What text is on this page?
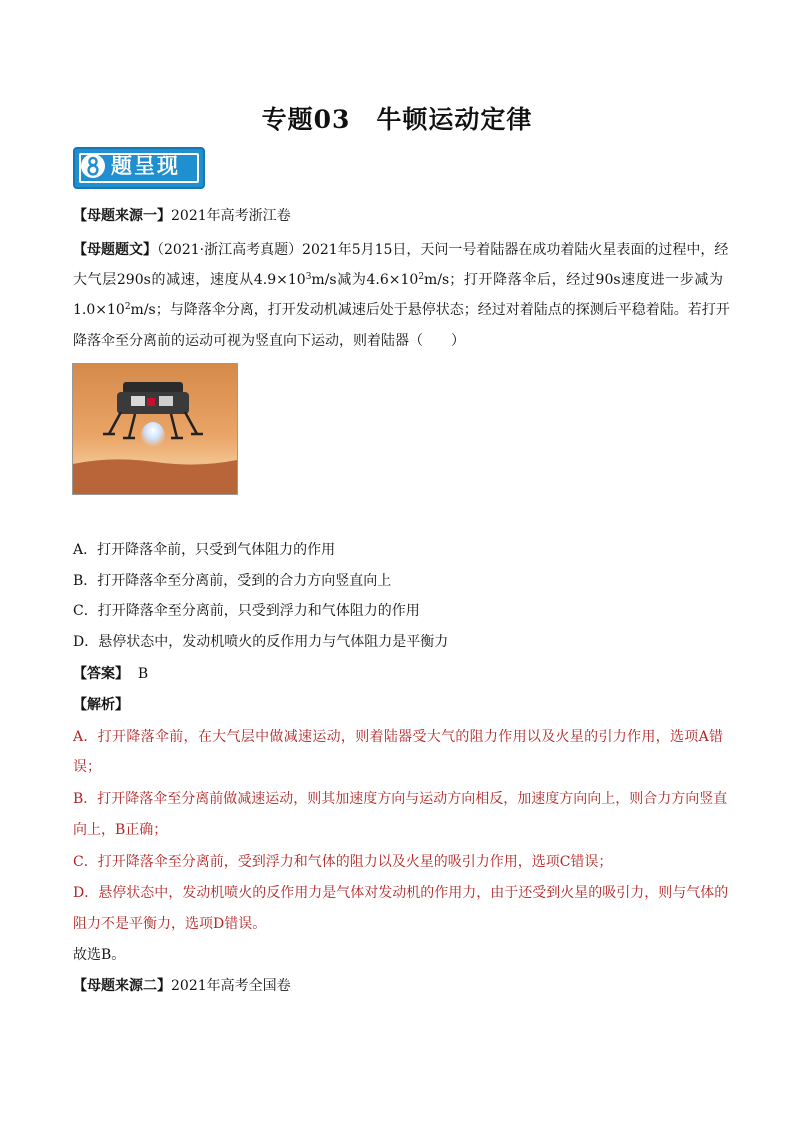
专题03　牛顿运动定律
题呈现
【母题来源一】2021年高考浙江卷
【母题题文】（2021·浙江高考真题）2021年5月15日，天问一号着陆器在成功着陆火星表面的过程中，经
大气层290s的减速，速度从$4.9\times 10^3m/s$减为$4.6\times 10^2m/s$；打开降落伞后，经过90s速度进一步减为
$1.0\times 10^2m/s$；与降落伞分离，打开发动机减速后处于悬停状态；经过对着陆点的探测后平稳着陆。若打开
降落伞至分离前的运动可视为竖直向下运动，则着陆器（　　）
A．打开降落伞前，只受到气体阻力的作用
B．打开降落伞至分离前，受到的合力方向竖直向上
C．打开降落伞至分离前，只受到浮力和气体阻力的作用
D．悬停状态中，发动机喷火的反作用力与气体阻力是平衡力
【答案】 B
【解析】
A．打开降落伞前，在大气层中做减速运动，则着陆器受大气的阻力作用以及火星的引力作用，选项A错
误；
B．打开降落伞至分离前做减速运动，则其加速度方向与运动方向相反，加速度方向向上，则合力方向竖直
向上，B正确；
C．打开降落伞至分离前，受到浮力和气体的阻力以及火星的吸引力作用，选项C错误；
D．悬停状态中，发动机喷火的反作用力是气体对发动机的作用力，由于还受到火星的吸引力，则与气体的
阻力不是平衡力，选项D错误。
故选B。
【母题来源二】2021年高考全国卷
